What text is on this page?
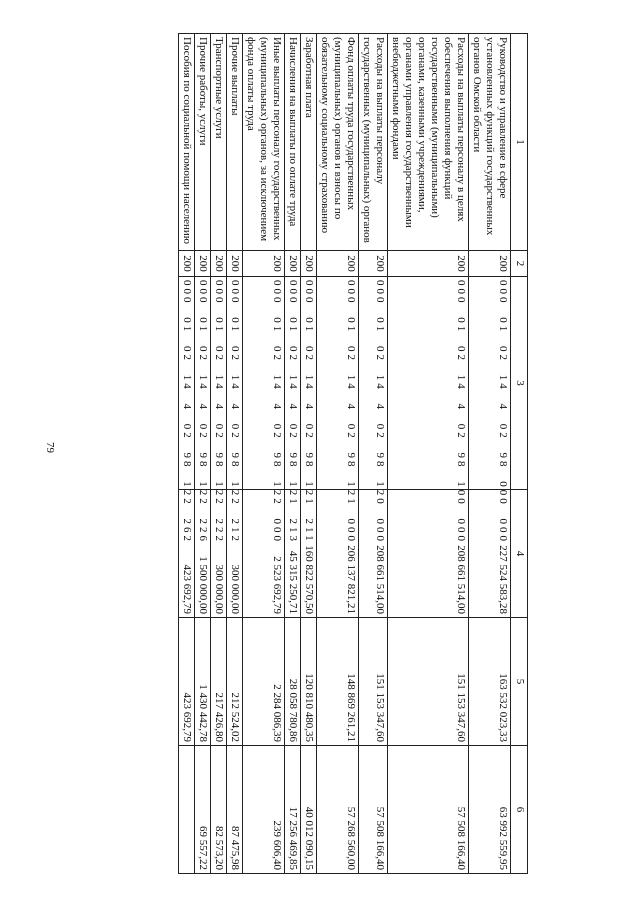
79
1	2	3	4	5	6
Руководство и управление в сфере установленных функций государственных органов Омской области	200	000 01 02 14 4 02 98 000 000	227 524 583,28	163 532 023,33	63 992 559,95
Расходы на выплаты персоналу в целях обеспечения выполнения функций государственными (муниципальными) органами, казенными учреждениями, органами управления государственными внебюджетными фондами	200	000 01 02 14 4 02 98 100 000	208 661 514,00	151 153 347,60	57 508 166,40
Расходы на выплаты персоналу государственных (муниципальных) органов	200	000 01 02 14 4 02 98 120 000	208 661 514,00	151 153 347,60	57 508 166,40
Фонд оплаты труда государственных (муниципальных) органов и взносы по обязательному социальному страхованию	200	000 01 02 14 4 02 98 121 000	206 137 821,21	148 869 261,21	57 268 560,00
Заработная плата	200	000 01 02 14 4 02 98 121 211	160 822 570,50	120 810 480,35	40 012 090,15
Начисления на выплаты по оплате труда	200	000 01 02 14 4 02 98 121 213	45 315 250,71	28 058 780,86	17 256 469,85
Иные выплаты персоналу государственных (муниципальных) органов, за исключением фонда оплаты труда	200	000 01 02 14 4 02 98 122 000	2 523 692,79	2 284 086,39	239 606,40
Прочие выплаты	200	000 01 02 14 4 02 98 122 212	300 000,00	212 524,02	87 475,98
Транспортные услуги	200	000 01 02 14 4 02 98 122 222	300 000,00	217 426,80	82 573,20
Прочие работы, услуги	200	000 01 02 14 4 02 98 122 226	1 500 000,00	1 430 442,78	69 557,22
Пособия по социальной помощи населению	200	000 01 02 14 4 02 98 122 262	423 692,79	423 692,79	
